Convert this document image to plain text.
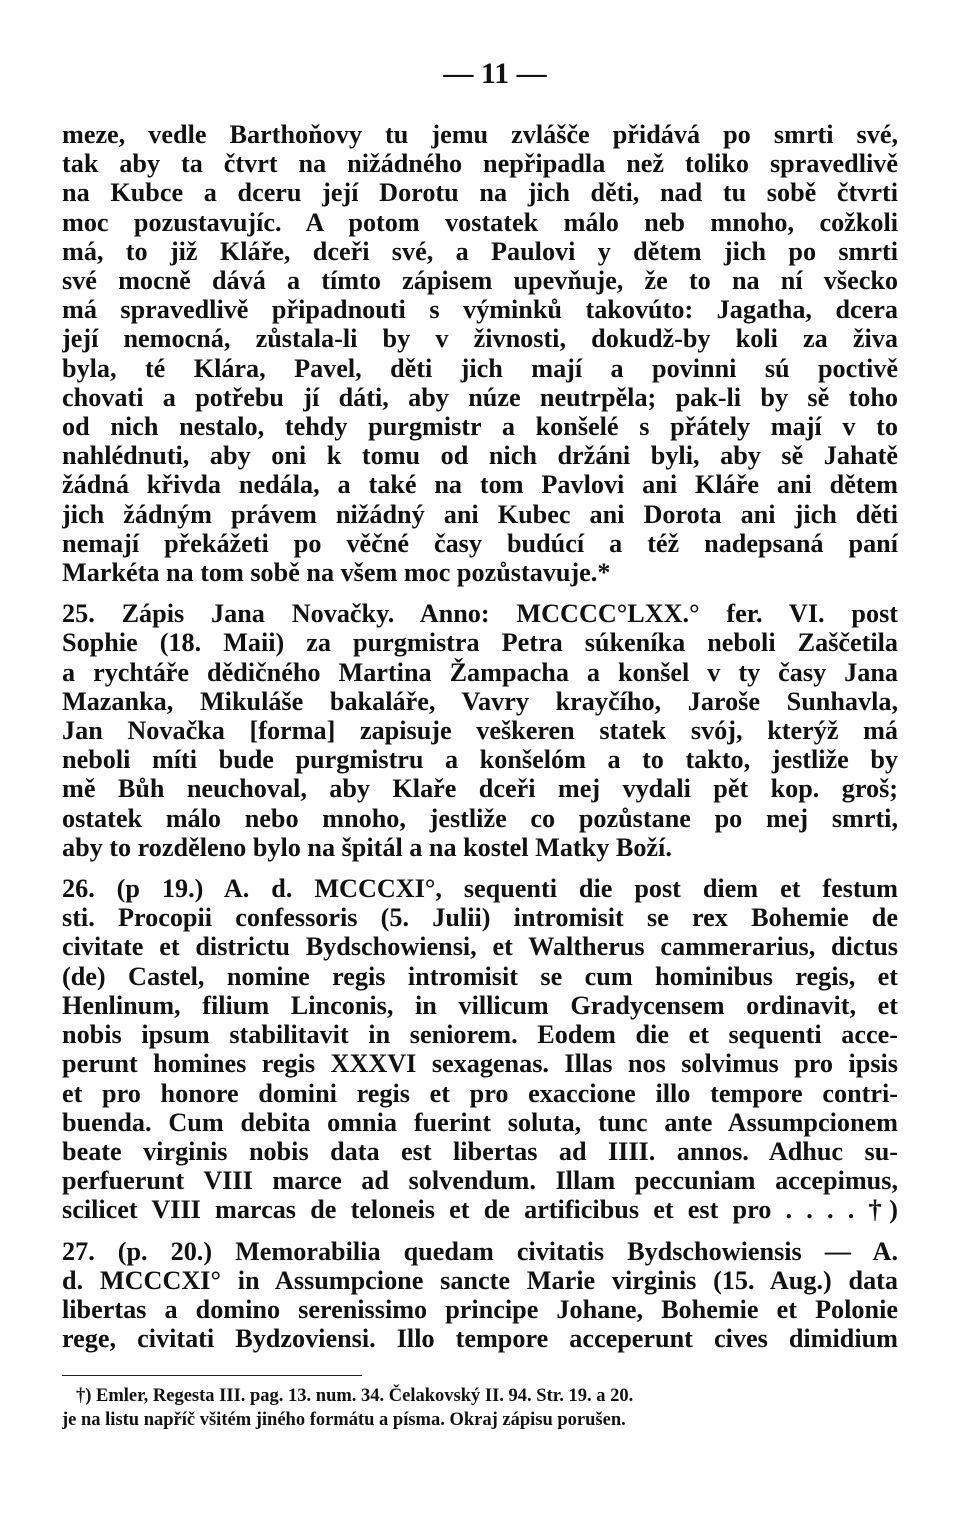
— 11 —
meze, vedle Barthoňovy tu jemu zvlášče přidává po smrti své,
tak aby ta čtvrt na nižádného nepřipadla než toliko spravedlivě
na Kubce a dceru její Dorotu na jich děti, nad tu sobě čtvrti
moc pozustavujíc. A potom vostatek málo neb mnoho, cožkoli
má, to již Kláře, dceři své, a Paulovi y dětem jich po smrti
své mocně dává a tímto zápisem upevňuje, že to na ní všecko
má spravedlivě připadnouti s výminků takovúto: Jagatha, dcera
její nemocná, zůstala-li by v živnosti, dokudž-by koli za živa
byla, té Klára, Pavel, děti jich mají a povinni sú poctivě
chovati a potřebu jí dáti, aby núze neutrpěla; pak-li by sě toho
od nich nestalo, tehdy purgmistr a konšelé s přátely mají v to
nahlédnuti, aby oni k tomu od nich držáni byli, aby sě Jahatě
žádná křivda nedála, a také na tom Pavlovi ani Kláře ani dětem
jich žádným právem nižádný ani Kubec ani Dorota ani jich děti
nemají překážeti po věčné časy budúcí a též nadepsaná paní
Markéta na tom sobě na všem moc pozůstavuje.*
25. Zápis Jana Novačky. Anno: MCCCC°LXX.° fer. VI. post
Sophie (18. Maii) za purgmistra Petra súkeníka neboli Zaščetila
a rychtáře dědičného Martina Žampacha a konšel v ty časy Jana
Mazanka, Mikuláše bakaláře, Vavry krayčího, Jaroše Sunhavla,
Jan Novačka [forma] zapisuje veškeren statek svój, kterýž má
neboli míti bude purgmistru a konšelóm a to takto, jestliže by
mě Bůh neuchoval, aby Klaře dceři mej vydali pět kop. groš;
ostatek málo nebo mnoho, jestliže co pozůstane po mej smrti,
aby to rozděleno bylo na špitál a na kostel Matky Boží.
26. (p 19.) A. d. MCCCXI°, sequenti die post diem et festum
sti. Procopii confessoris (5. Julii) intromisit se rex Bohemie de
civitate et districtu Bydschowiensi, et Waltherus cammerarius, dictus
(de) Castel, nomine regis intromisit se cum hominibus regis, et
Henlinum, filium Linconis, in villicum Gradycensem ordinavit, et
nobis ipsum stabilitavit in seniorem. Eodem die et sequenti acce-
perunt homines regis XXXVI sexagenas. Illas nos solvimus pro ipsis
et pro honore domini regis et pro exaccione illo tempore contri-
buenda. Cum debita omnia fuerint soluta, tunc ante Assumpcionem
beate virginis nobis data est libertas ad IIII. annos. Adhuc su-
perfuerunt VIII marce ad solvendum. Illam peccuniam accepimus,
scilicet VIII marcas de teloneis et de artificibus et est pro . . . . †)
27. (p. 20.) Memorabilia quedam civitatis Bydschowiensis — A.
d. MCCCXI° in Assumpcione sancte Marie virginis (15. Aug.) data
libertas a domino serenissimo principe Johane, Bohemie et Polonie
rege, civitati Bydzoviensi. Illo tempore acceperunt cives dimidium
†) Emler, Regesta III. pag. 13. num. 34. Čelakovský II. 94. Str. 19. a 20.
je na listu napříč všitém jiného formátu a písma. Okraj zápisu porušen.
